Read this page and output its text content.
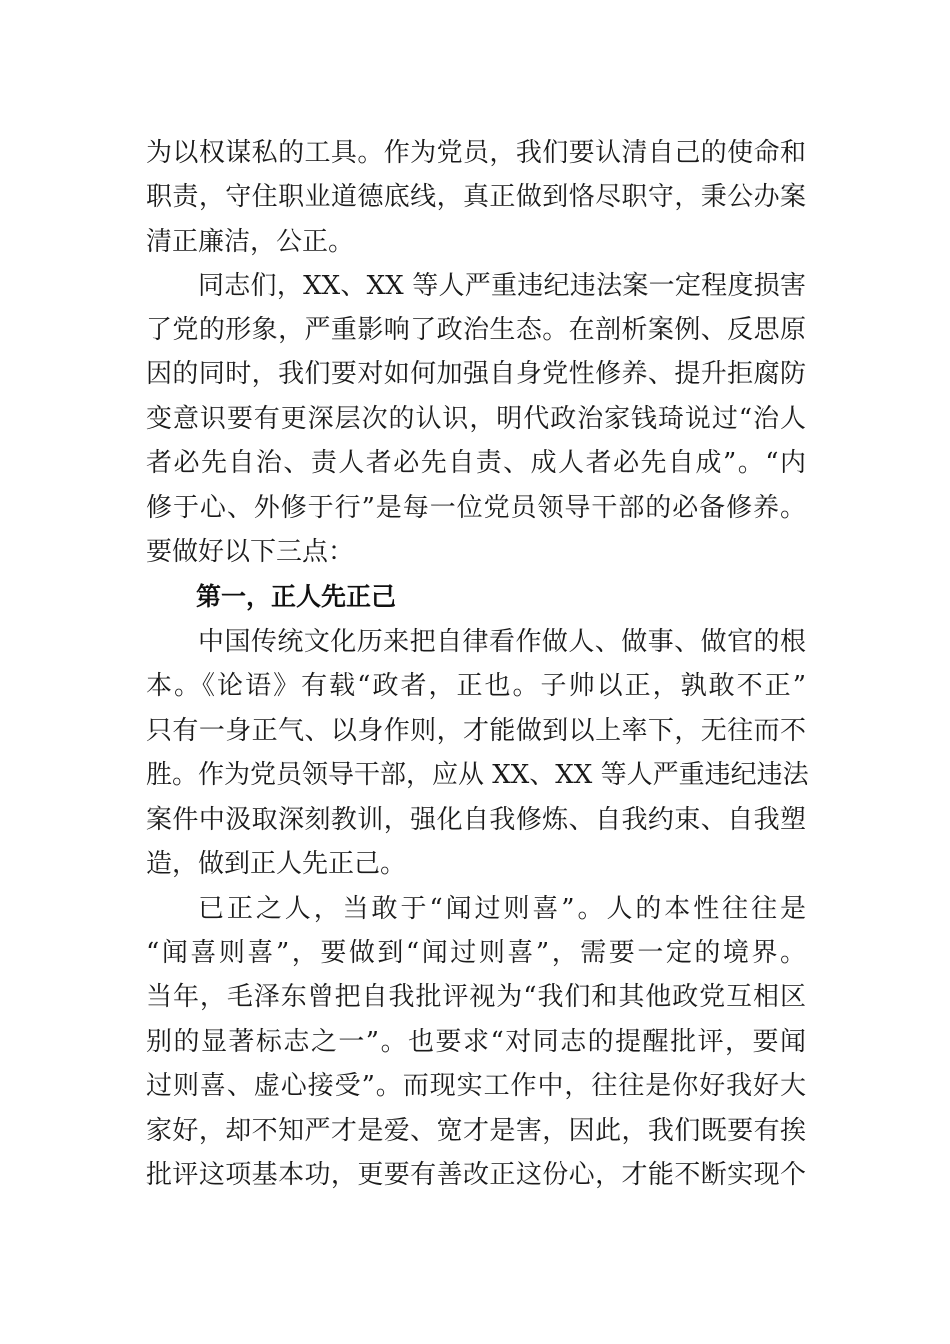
为以权谋私的工具。作为党员，我们要认清自己的使命和
职责，守住职业道德底线，真正做到恪尽职守，秉公办案
清正廉洁，公正。
同志们，XX、XX 等人严重违纪违法案一定程度损害
了党的形象，严重影响了政治生态。在剖析案例、反思原
因的同时，我们要对如何加强自身党性修养、提升拒腐防
变意识要有更深层次的认识，明代政治家钱琦说过“治人
者必先自治、责人者必先自责、成人者必先自成”。“内
修于心、外修于行”是每一位党员领导干部的必备修养。
要做好以下三点：
第一，正人先正己
中国传统文化历来把自律看作做人、做事、做官的根
本。《论语》有载“政者，正也。子帅以正，孰敢不正”
只有一身正气、以身作则，才能做到以上率下，无往而不
胜。作为党员领导干部，应从 XX、XX 等人严重违纪违法
案件中汲取深刻教训，强化自我修炼、自我约束、自我塑
造，做到正人先正己。
已正之人，当敢于“闻过则喜”。人的本性往往是
“闻喜则喜”，要做到“闻过则喜”，需要一定的境界。
当年，毛泽东曾把自我批评视为“我们和其他政党互相区
别的显著标志之一”。也要求“对同志的提醒批评，要闻
过则喜、虚心接受”。而现实工作中，往往是你好我好大
家好，却不知严才是爱、宽才是害，因此，我们既要有挨
批评这项基本功，更要有善改正这份心，才能不断实现个
